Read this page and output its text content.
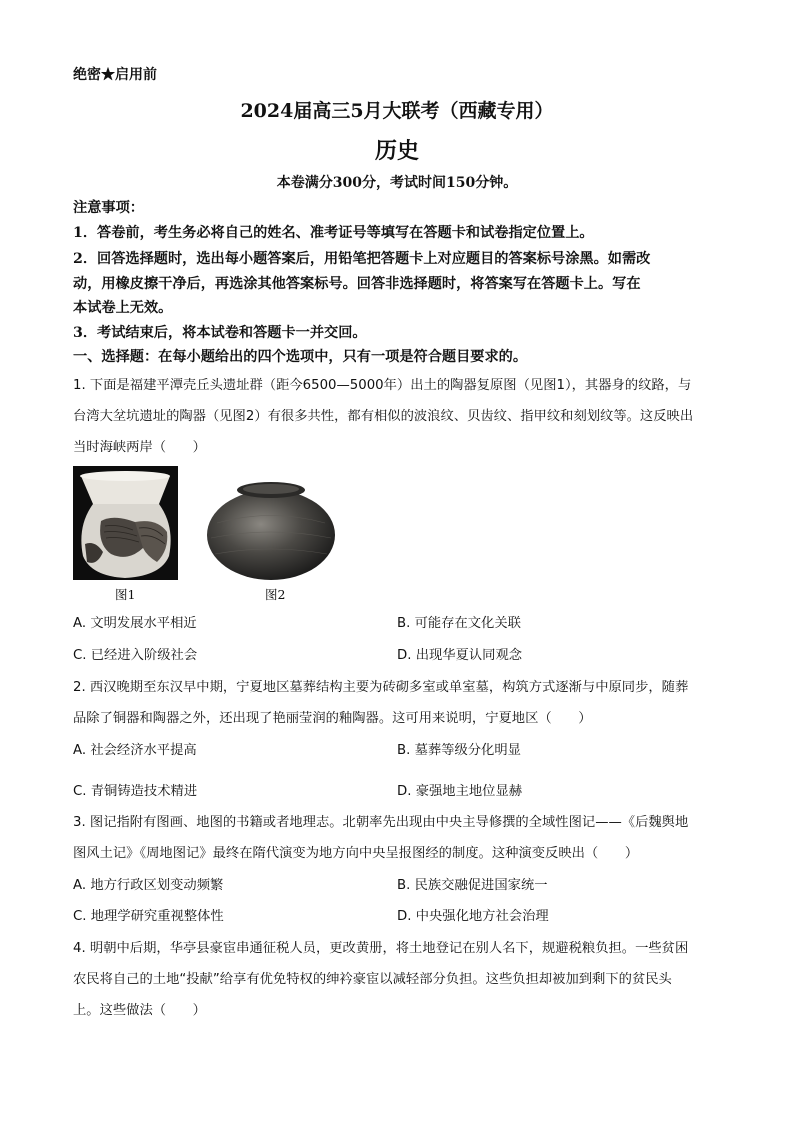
绝密★启用前
2024届高三5月大联考（西藏专用）
历史
本卷满分300分，考试时间150分钟。
注意事项：
1．答卷前，考生务必将自己的姓名、准考证号等填写在答题卡和试卷指定位置上。
2．回答选择题时，选出每小题答案后，用铅笔把答题卡上对应题目的答案标号涂黑。如需改
动，用橡皮擦干净后，再选涂其他答案标号。回答非选择题时，将答案写在答题卡上。写在
本试卷上无效。
3．考试结束后，将本试卷和答题卡一并交回。
一、选择题：在每小题给出的四个选项中，只有一项是符合题目要求的。
1. 下面是福建平潭壳丘头遗址群（距今6500—5000年）出土的陶器复原图（见图1），其器身的纹路，与
台湾大坌坑遗址的陶器（见图2）有很多共性，都有相似的波浪纹、贝齿纹、指甲纹和刻划纹等。这反映出
当时海峡两岸（　　）
图1	图2
A. 文明发展水平相近	B. 可能存在文化关联
C. 已经进入阶级社会	D. 出现华夏认同观念
2. 西汉晚期至东汉早中期，宁夏地区墓葬结构主要为砖砌多室或单室墓，构筑方式逐渐与中原同步，随葬
品除了铜器和陶器之外，还出现了艳丽莹润的釉陶器。这可用来说明，宁夏地区（　　）
A. 社会经济水平提高	B. 墓葬等级分化明显
C. 青铜铸造技术精进	D. 豪强地主地位显赫
3. 图记指附有图画、地图的书籍或者地理志。北朝率先出现由中央主导修撰的全域性图记——《后魏舆地
图风土记》《周地图记》最终在隋代演变为地方向中央呈报图经的制度。这种演变反映出（　　）
A. 地方行政区划变动频繁	B. 民族交融促进国家统一
C. 地理学研究重视整体性	D. 中央强化地方社会治理
4. 明朝中后期，华亭县豪宦串通征税人员，更改黄册，将土地登记在别人名下，规避税粮负担。一些贫困
农民将自己的土地“投献”给享有优免特权的绅衿豪宦以减轻部分负担。这些负担却被加到剩下的贫民头
上。这些做法（　　）
